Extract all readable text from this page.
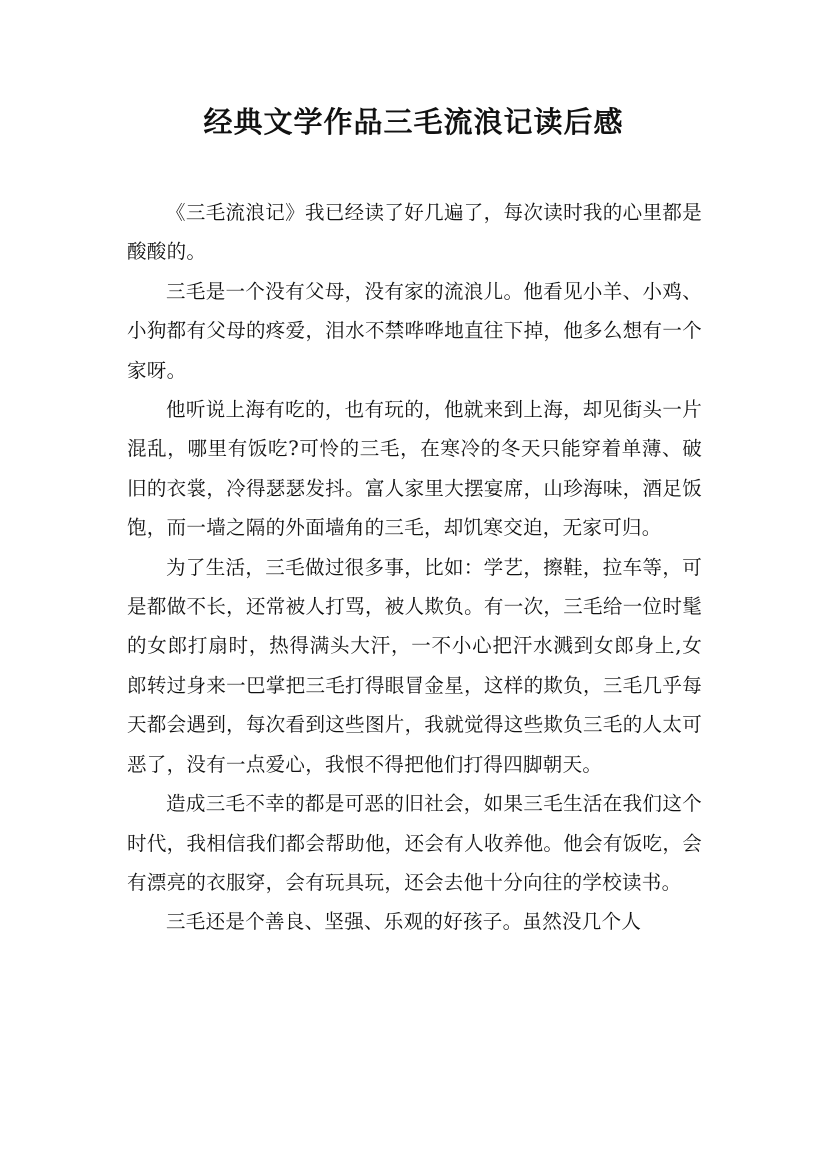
经典文学作品三毛流浪记读后感

《三毛流浪记》我已经读了好几遍了，每次读时我的心里都是酸酸的。

三毛是一个没有父母，没有家的流浪儿。他看见小羊、小鸡、小狗都有父母的疼爱，泪水不禁哗哗地直往下掉，他多么想有一个家呀。

他听说上海有吃的，也有玩的，他就来到上海，却见街头一片混乱，哪里有饭吃?可怜的三毛，在寒冷的冬天只能穿着单薄、破旧的衣裳，冷得瑟瑟发抖。富人家里大摆宴席，山珍海味，酒足饭饱，而一墙之隔的外面墙角的三毛，却饥寒交迫，无家可归。

为了生活，三毛做过很多事，比如：学艺，擦鞋，拉车等，可是都做不长，还常被人打骂，被人欺负。有一次，三毛给一位时髦的女郎打扇时，热得满头大汗，一不小心把汗水溅到女郎身上,女郎转过身来一巴掌把三毛打得眼冒金星，这样的欺负，三毛几乎每天都会遇到，每次看到这些图片，我就觉得这些欺负三毛的人太可恶了，没有一点爱心，我恨不得把他们打得四脚朝天。

造成三毛不幸的都是可恶的旧社会，如果三毛生活在我们这个时代，我相信我们都会帮助他，还会有人收养他。他会有饭吃，会有漂亮的衣服穿，会有玩具玩，还会去他十分向往的学校读书。

三毛还是个善良、坚强、乐观的好孩子。虽然没几个人
